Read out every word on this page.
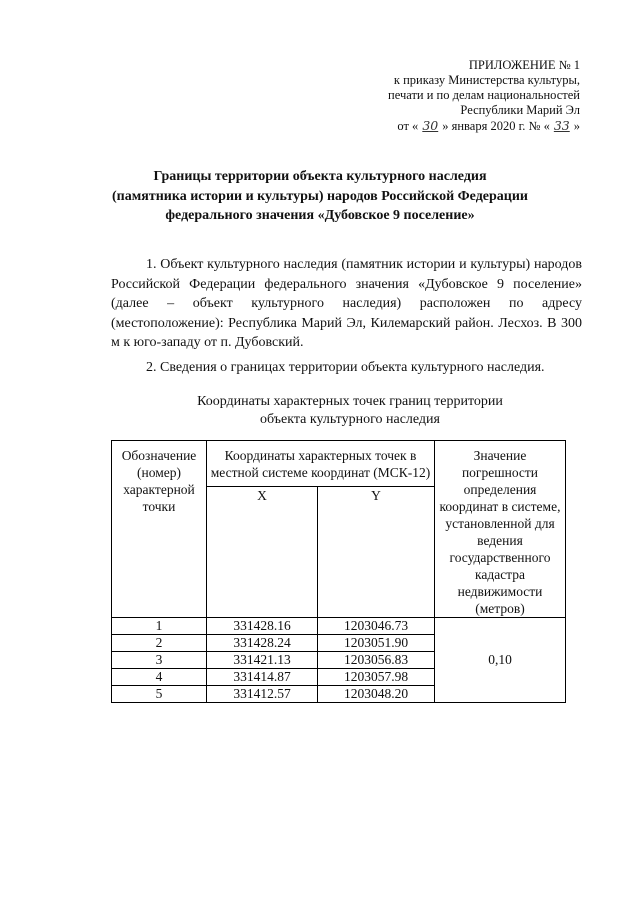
ПРИЛОЖЕНИЕ № 1
к приказу Министерства культуры,
печати и по делам национальностей
Республики Марий Эл
от « 30 » января 2020 г. № « 33 »
Границы территории объекта культурного наследия
(памятника истории и культуры) народов Российской Федерации
федерального значения «Дубовское 9 поселение»
1. Объект культурного наследия (памятник истории и культуры) народов Российской Федерации федерального значения «Дубовское 9 поселение» (далее – объект культурного наследия) расположен по адресу (местоположение): Республика Марий Эл, Килемарский район. Лесхоз. В 300 м к юго-западу от п. Дубовский.
2. Сведения о границах территории объекта культурного наследия.
Координаты характерных точек границ территории
объекта культурного наследия
Обозначение (номер) характерной точки	Координаты характерных точек в местной системе координат (МСК-12)		Значение погрешности определения координат в системе, установленной для ведения государственного кадастра недвижимости (метров)
	X	Y	
1	331428.16	1203046.73	0,10
2	331428.24	1203051.90	
3	331421.13	1203056.83	
4	331414.87	1203057.98	
5	331412.57	1203048.20	
